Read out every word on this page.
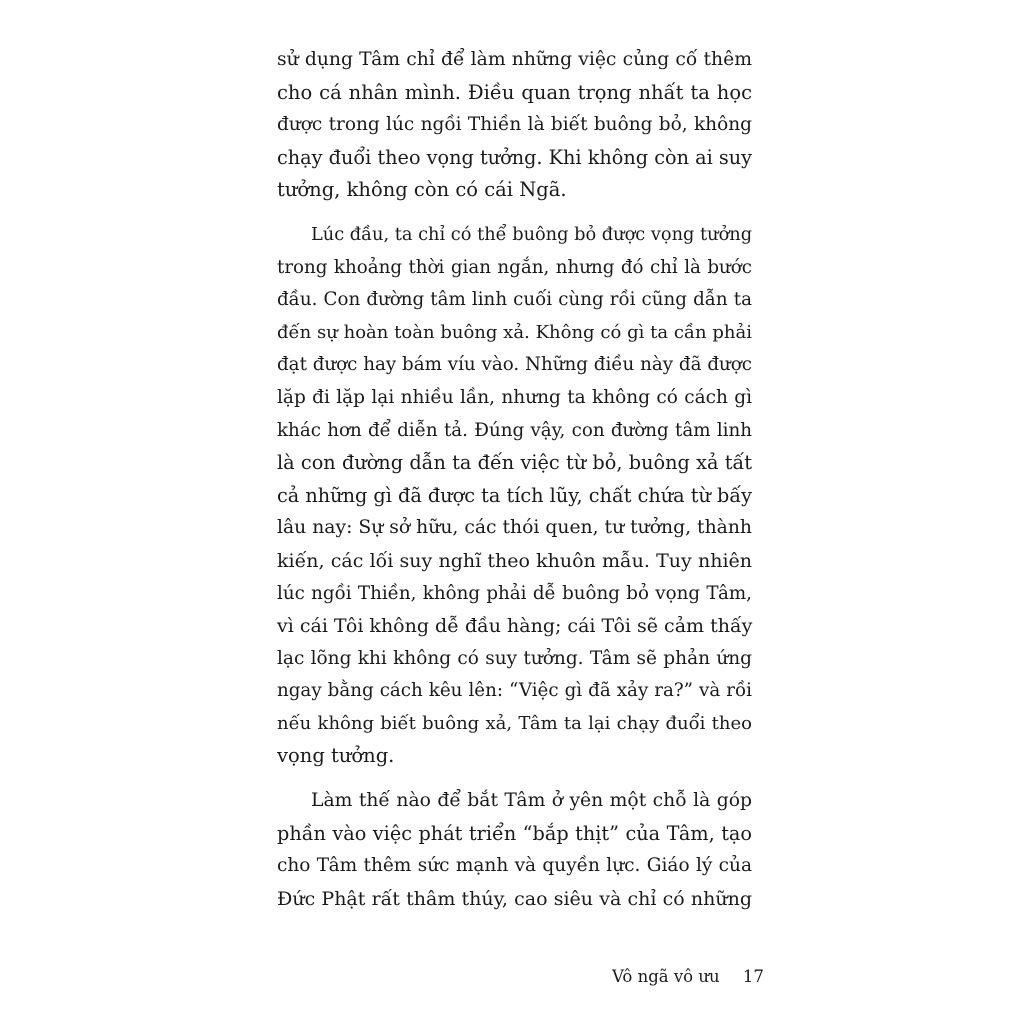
sử dụng Tâm chỉ để làm những việc củng cố thêm
cho cá nhân mình. Điều quan trọng nhất ta học
được trong lúc ngồi Thiền là biết buông bỏ, không
chạy đuổi theo vọng tưởng. Khi không còn ai suy
tưởng, không còn có cái Ngã.

Lúc đầu, ta chỉ có thể buông bỏ được vọng tưởng
trong khoảng thời gian ngắn, nhưng đó chỉ là bước
đầu. Con đường tâm linh cuối cùng rồi cũng dẫn ta
đến sự hoàn toàn buông xả. Không có gì ta cần phải
đạt được hay bám víu vào. Những điều này đã được
lặp đi lặp lại nhiều lần, nhưng ta không có cách gì
khác hơn để diễn tả. Đúng vậy, con đường tâm linh
là con đường dẫn ta đến việc từ bỏ, buông xả tất
cả những gì đã được ta tích lũy, chất chứa từ bấy
lâu nay: Sự sở hữu, các thói quen, tư tưởng, thành
kiến, các lối suy nghĩ theo khuôn mẫu. Tuy nhiên
lúc ngồi Thiền, không phải dễ buông bỏ vọng Tâm,
vì cái Tôi không dễ đầu hàng; cái Tôi sẽ cảm thấy
lạc lõng khi không có suy tưởng. Tâm sẽ phản ứng
ngay bằng cách kêu lên: “Việc gì đã xảy ra?” và rồi
nếu không biết buông xả, Tâm ta lại chạy đuổi theo
vọng tưởng.

Làm thế nào để bắt Tâm ở yên một chỗ là góp
phần vào việc phát triển “bắp thịt” của Tâm, tạo
cho Tâm thêm sức mạnh và quyền lực. Giáo lý của
Đức Phật rất thâm thúy, cao siêu và chỉ có những

Vô ngã vô ưu 17
